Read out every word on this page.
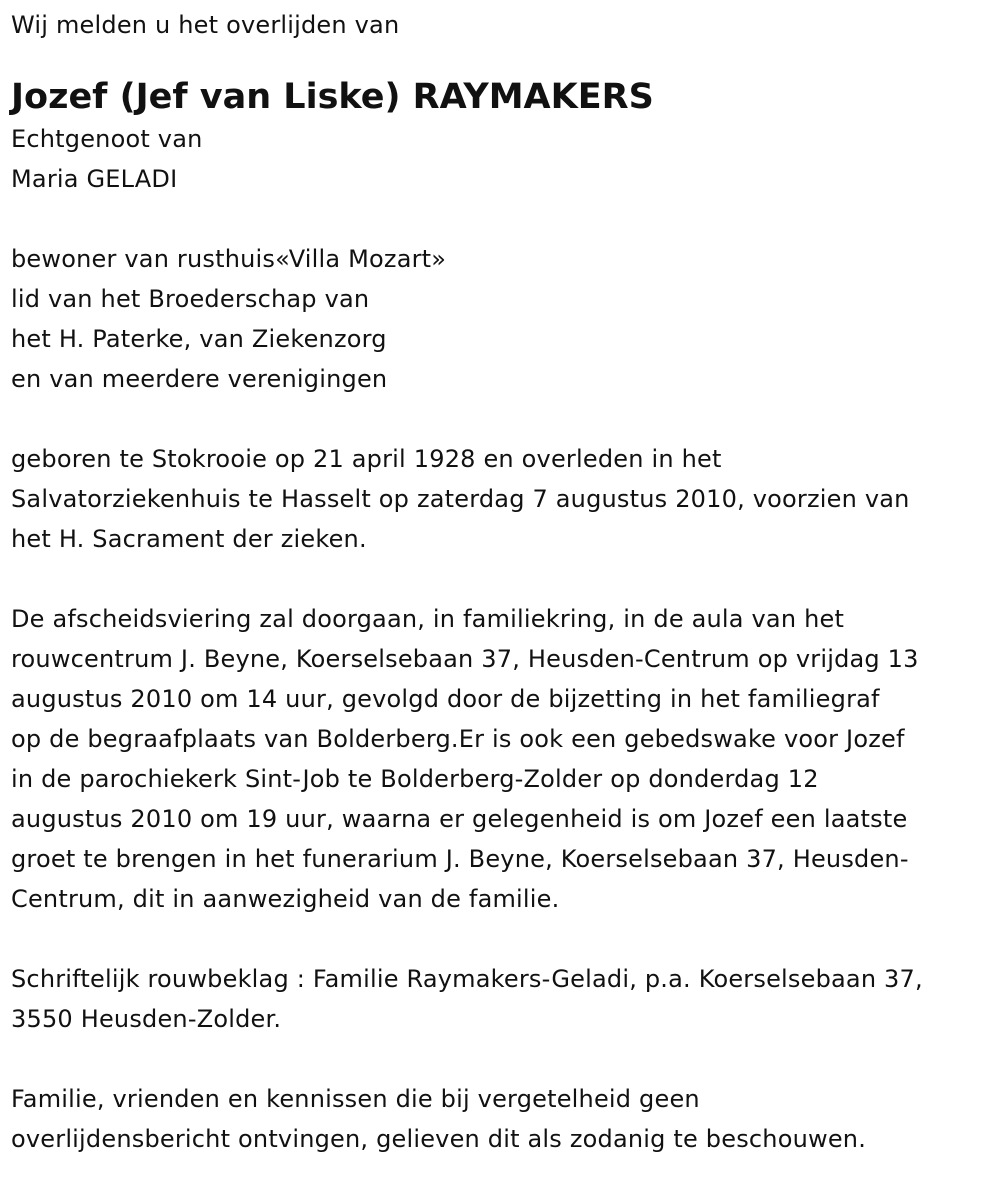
Wij melden u het overlijden van
Jozef (Jef van Liske) RAYMAKERS
Echtgenoot van
Maria GELADI
bewoner van rusthuis«Villa Mozart»
lid van het Broederschap van
het H. Paterke, van Ziekenzorg
en van meerdere verenigingen
geboren te Stokrooie op 21 april 1928 en overleden in het
Salvatorziekenhuis te Hasselt op zaterdag 7 augustus 2010, voorzien van
het H. Sacrament der zieken.
De afscheidsviering zal doorgaan, in familiekring, in de aula van het
rouwcentrum J. Beyne, Koerselsebaan 37, Heusden-Centrum op vrijdag 13
augustus 2010 om 14 uur, gevolgd door de bijzetting in het familiegraf
op de begraafplaats van Bolderberg.Er is ook een gebedswake voor Jozef
in de parochiekerk Sint-Job te Bolderberg-Zolder op donderdag 12
augustus 2010 om 19 uur, waarna er gelegenheid is om Jozef een laatste
groet te brengen in het funerarium J. Beyne, Koerselsebaan 37, Heusden-
Centrum, dit in aanwezigheid van de familie.
Schriftelijk rouwbeklag : Familie Raymakers-Geladi, p.a. Koerselsebaan 37,
3550 Heusden-Zolder.
Familie, vrienden en kennissen die bij vergetelheid geen
overlijdensbericht ontvingen, gelieven dit als zodanig te beschouwen.
